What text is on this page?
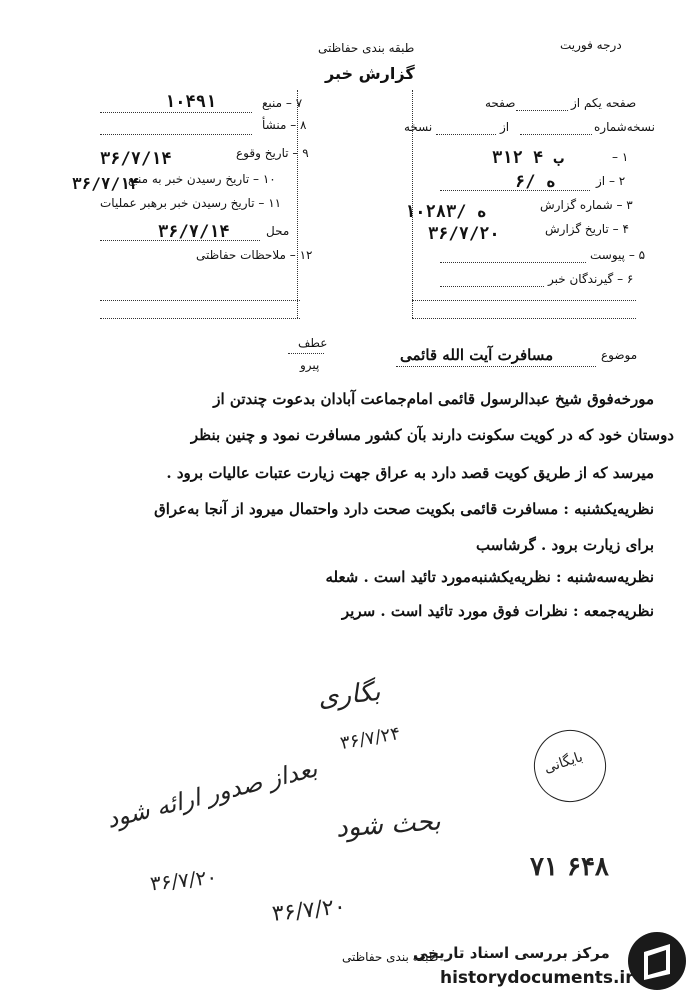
درجه فوریت
طبقه بندی حفاظتی
گزارش خبر
۷ – منبع
۱۰۴۹۱
۸ – منشأ
۹ – تاریخ وقوع
۳۶/۷/۱۴
۱۰ – تاریخ رسیدن خبر به منبع
۳۶/۷/۱۴
۱۱ – تاریخ رسیدن خبر برهبر عملیات
محل
۳۶/۷/۱۴
۱۲ – ملاحظات حفاظتی
صفحه یکم از
صفحه
نسخه‌شماره
از
نسخه
۱ –
۳۱۲ ب ۴
۲ – از
۶/ ه
۳ – شماره گزارش
۱۰۲۸۳/ ه
۴ – تاریخ گزارش
۳۶/۷/۲۰
۵ – پیوست
۶ – گیرندگان خبر
عطف
پیرو
موضوع
مسافرت آیت الله قائمی
مورخه‌فوق شیخ عبدالرسول قائمی امام‌جماعت آبادان بدعوت چندتن از
دوستان خود که در کویت سکونت دارند بآن کشور مسافرت نمود و چنین بنظر
میرسد که از طریق کویت قصد دارد به عراق جهت زیارت عتبات عالیات برود .
نظریه‌یکشنبه : مسافرت قائمی بکویت صحت دارد واحتمال میرود از آنجا به‌عراق
برای زیارت برود . گرشاسب
نظریه‌سه‌شنبه : نظریه‌یکشنبه‌مورد تائید است . شعله
نظریه‌جمعه : نظرات فوق مورد تائید است . سریر
بگاری
۳۶/۷/۲۴
بعداز صدور ارائه شود
۳۶/۷/۲۰
بحث شود
۳۶/۷/۲۰
بایگانی
۷۱ ۶۴۸
طبقه بندی حفاظتی
مرکز بررسی اسناد تاریخی
historydocuments.ir
